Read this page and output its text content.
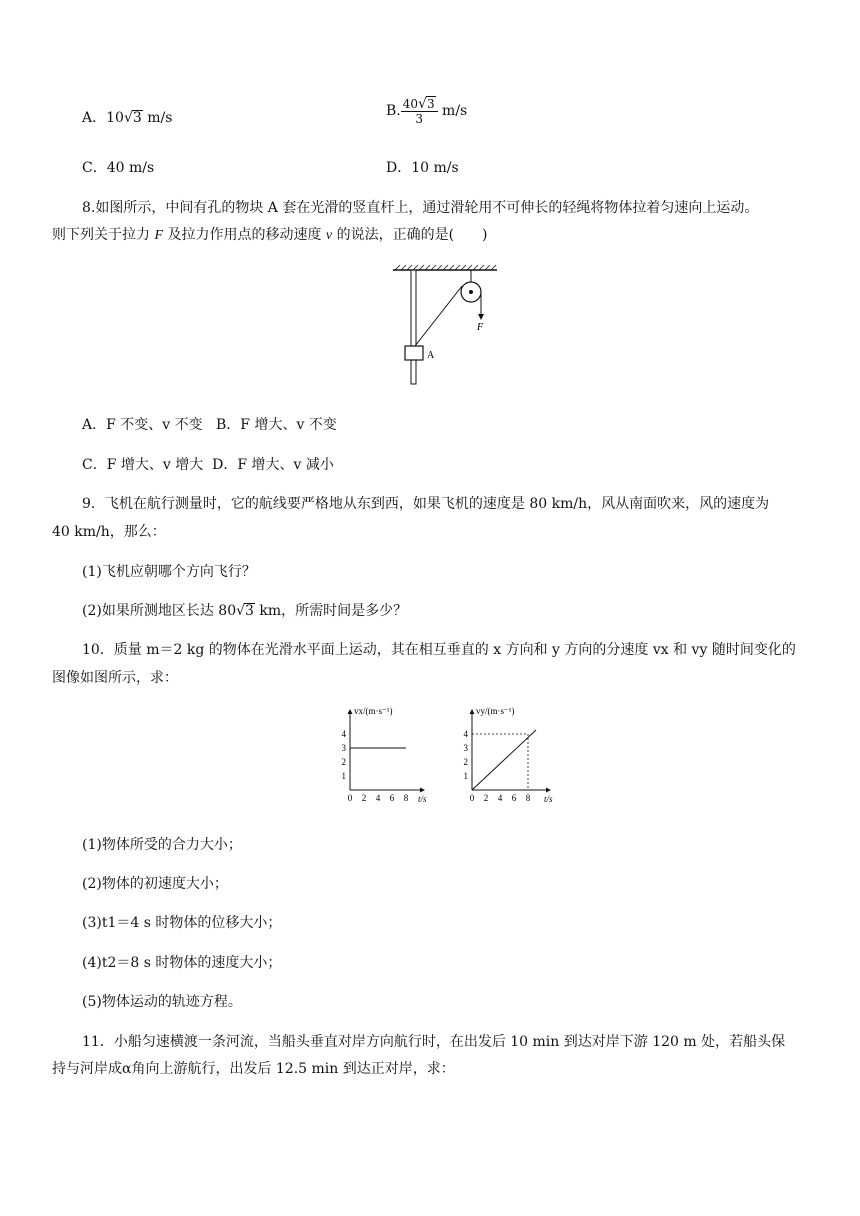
A．10√3 m/s	B. $\frac{40√3}{3} m/s$
C．40 m/s	D．10 m/s
8.如图所示，中间有孔的物块 A 套在光滑的竖直杆上，通过滑轮用不可伸长的轻绳将物体拉着匀速向上运动。
则下列关于拉力 F 及拉力作用点的移动速度 v 的说法，正确的是(　　)
F
A
A．F 不变、v 不变 B．F 增大、v 不变
C．F 增大、v 增大 D．F 增大、v 减小
9．飞机在航行测量时，它的航线要严格地从东到西，如果飞机的速度是 80 km/h，风从南面吹来，风的速度为
40 km/h，那么：
(1)飞机应朝哪个方向飞行？
(2)如果所测地区长达 80√3 km，所需时间是多少？
10．质量 m＝2 kg 的物体在光滑水平面上运动，其在相互垂直的 x 方向和 y 方向的分速度 vx 和 vy 随时间变化的
图像如图所示，求：
vx/(m·s⁻¹)
0 2 4 6 8
1
2
3
4
t/s
vy/(m·s⁻¹)
0 2 4 6 8
1
2
3
4
t/s
(1)物体所受的合力大小；
(2)物体的初速度大小；
(3)t1＝4 s 时物体的位移大小；
(4)t2＝8 s 时物体的速度大小；
(5)物体运动的轨迹方程。
11．小船匀速横渡一条河流，当船头垂直对岸方向航行时，在出发后 10 min 到达对岸下游 120 m 处，若船头保
持与河岸成α角向上游航行，出发后 12.5 min 到达正对岸，求：
